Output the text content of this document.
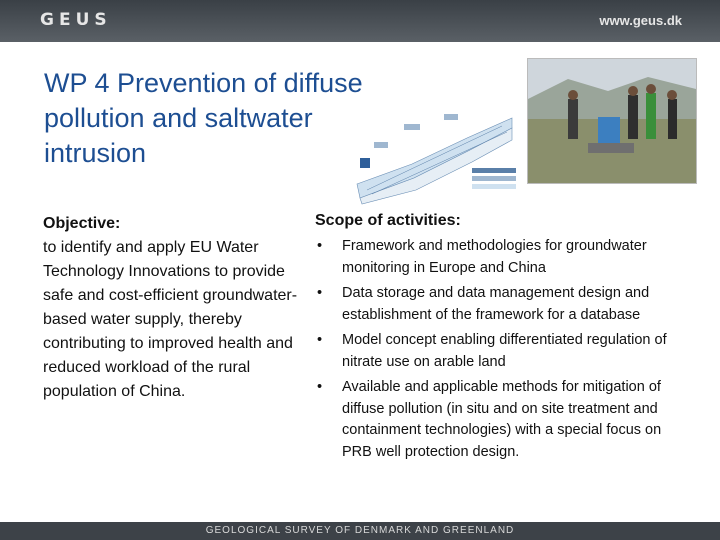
GEUS	www.geus.dk
WP 4 Prevention of diffuse pollution and saltwater intrusion
Objective:
to identify and apply EU Water Technology Innovations to provide safe and cost-efficient groundwater-based water supply, thereby contributing to improved health and reduced workload of the rural population of China.
Scope of activities:
• Framework and methodologies for groundwater monitoring in Europe and China
• Data storage and data management design and establishment of the framework for a database
• Model concept enabling differentiated regulation of nitrate use on arable land
• Available and applicable methods for mitigation of diffuse pollution (in situ and on site treatment and containment technologies) with a special focus on PRB well protection design.
GEOLOGICAL SURVEY OF DENMARK AND GREENLAND
